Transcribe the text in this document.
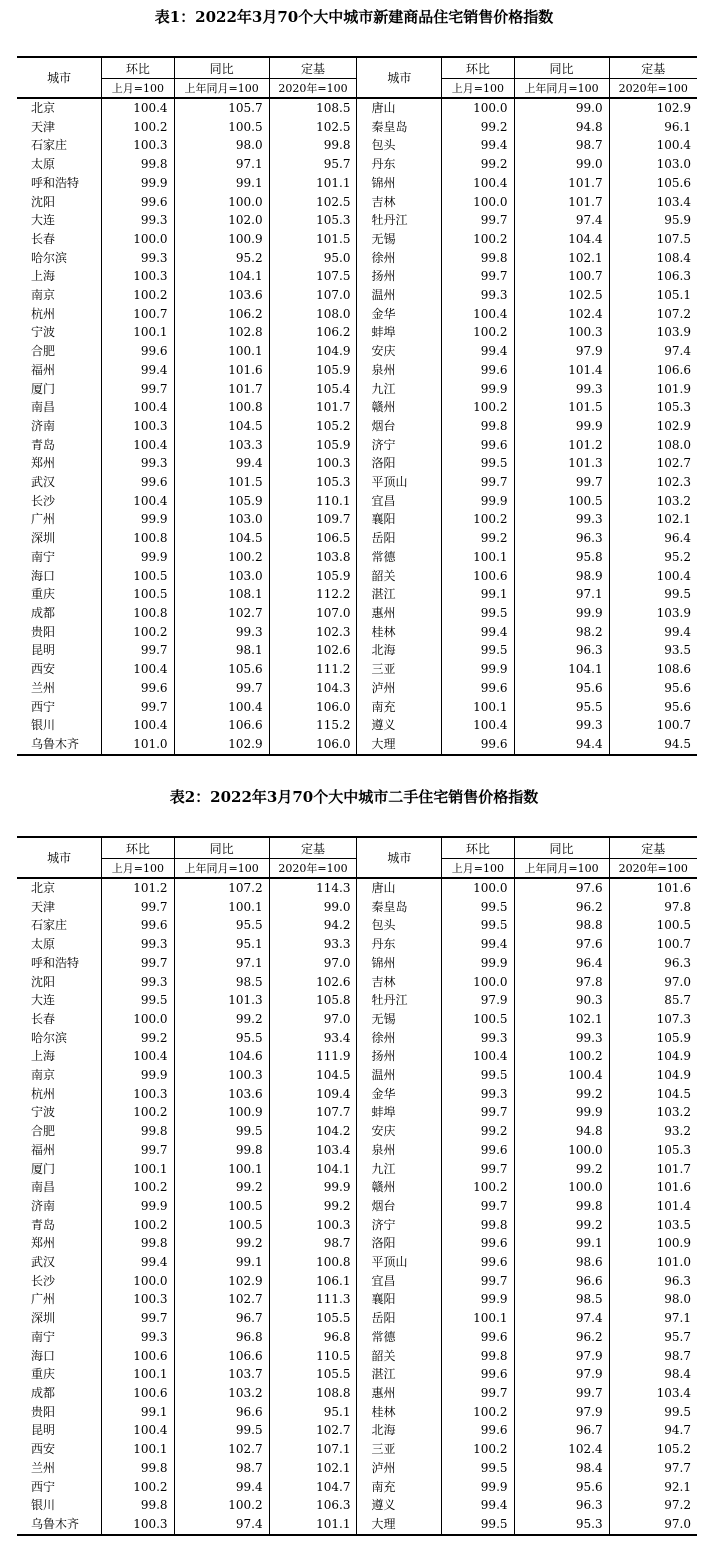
表1：2022年3月70个大中城市新建商品住宅销售价格指数
城市	环比	同比	定基	城市	环比	同比	定基
	上月=100	上年同月=100	2020年=100		上月=100	上年同月=100	2020年=100
北京	100.4	105.7	108.5	唐山	100.0	99.0	102.9
天津	100.2	100.5	102.5	秦皇岛	99.2	94.8	96.1
石家庄	100.3	98.0	99.8	包头	99.4	98.7	100.4
太原	99.8	97.1	95.7	丹东	99.2	99.0	103.0
呼和浩特	99.9	99.1	101.1	锦州	100.4	101.7	105.6
沈阳	99.6	100.0	102.5	吉林	100.0	101.7	103.4
大连	99.3	102.0	105.3	牡丹江	99.7	97.4	95.9
长春	100.0	100.9	101.5	无锡	100.2	104.4	107.5
哈尔滨	99.3	95.2	95.0	徐州	99.8	102.1	108.4
上海	100.3	104.1	107.5	扬州	99.7	100.7	106.3
南京	100.2	103.6	107.0	温州	99.3	102.5	105.1
杭州	100.7	106.2	108.0	金华	100.4	102.4	107.2
宁波	100.1	102.8	106.2	蚌埠	100.2	100.3	103.9
合肥	99.6	100.1	104.9	安庆	99.4	97.9	97.4
福州	99.4	101.6	105.9	泉州	99.6	101.4	106.6
厦门	99.7	101.7	105.4	九江	99.9	99.3	101.9
南昌	100.4	100.8	101.7	赣州	100.2	101.5	105.3
济南	100.3	104.5	105.2	烟台	99.8	99.9	102.9
青岛	100.4	103.3	105.9	济宁	99.6	101.2	108.0
郑州	99.3	99.4	100.3	洛阳	99.5	101.3	102.7
武汉	99.6	101.5	105.3	平顶山	99.7	99.7	102.3
长沙	100.4	105.9	110.1	宜昌	99.9	100.5	103.2
广州	99.9	103.0	109.7	襄阳	100.2	99.3	102.1
深圳	100.8	104.5	106.5	岳阳	99.2	96.3	96.4
南宁	99.9	100.2	103.8	常德	100.1	95.8	95.2
海口	100.5	103.0	105.9	韶关	100.6	98.9	100.4
重庆	100.5	108.1	112.2	湛江	99.1	97.1	99.5
成都	100.8	102.7	107.0	惠州	99.5	99.9	103.9
贵阳	100.2	99.3	102.3	桂林	99.4	98.2	99.4
昆明	99.7	98.1	102.6	北海	99.5	96.3	93.5
西安	100.4	105.6	111.2	三亚	99.9	104.1	108.6
兰州	99.6	99.7	104.3	泸州	99.6	95.6	95.6
西宁	99.7	100.4	106.0	南充	100.1	95.5	95.6
银川	100.4	106.6	115.2	遵义	100.4	99.3	100.7
乌鲁木齐	101.0	102.9	106.0	大理	99.6	94.4	94.5
表2：2022年3月70个大中城市二手住宅销售价格指数
城市	环比	同比	定基	城市	环比	同比	定基
	上月=100	上年同月=100	2020年=100		上月=100	上年同月=100	2020年=100
北京	101.2	107.2	114.3	唐山	100.0	97.6	101.6
天津	99.7	100.1	99.0	秦皇岛	99.5	96.2	97.8
石家庄	99.6	95.5	94.2	包头	99.5	98.8	100.5
太原	99.3	95.1	93.3	丹东	99.4	97.6	100.7
呼和浩特	99.7	97.1	97.0	锦州	99.9	96.4	96.3
沈阳	99.3	98.5	102.6	吉林	100.0	97.8	97.0
大连	99.5	101.3	105.8	牡丹江	97.9	90.3	85.7
长春	100.0	99.2	97.0	无锡	100.5	102.1	107.3
哈尔滨	99.2	95.5	93.4	徐州	99.3	99.3	105.9
上海	100.4	104.6	111.9	扬州	100.4	100.2	104.9
南京	99.9	100.3	104.5	温州	99.5	100.4	104.9
杭州	100.3	103.6	109.4	金华	99.3	99.2	104.5
宁波	100.2	100.9	107.7	蚌埠	99.7	99.9	103.2
合肥	99.8	99.5	104.2	安庆	99.2	94.8	93.2
福州	99.7	99.8	103.4	泉州	99.6	100.0	105.3
厦门	100.1	100.1	104.1	九江	99.7	99.2	101.7
南昌	100.2	99.2	99.9	赣州	100.2	100.0	101.6
济南	99.9	100.5	99.2	烟台	99.7	99.8	101.4
青岛	100.2	100.5	100.3	济宁	99.8	99.2	103.5
郑州	99.8	99.2	98.7	洛阳	99.6	99.1	100.9
武汉	99.4	99.1	100.8	平顶山	99.6	98.6	101.0
长沙	100.0	102.9	106.1	宜昌	99.7	96.6	96.3
广州	100.3	102.7	111.3	襄阳	99.9	98.5	98.0
深圳	99.7	96.7	105.5	岳阳	100.1	97.4	97.1
南宁	99.3	96.8	96.8	常德	99.6	96.2	95.7
海口	100.6	106.6	110.5	韶关	99.8	97.9	98.7
重庆	100.1	103.7	105.5	湛江	99.6	97.9	98.4
成都	100.6	103.2	108.8	惠州	99.7	99.7	103.4
贵阳	99.1	96.6	95.1	桂林	100.2	97.9	99.5
昆明	100.4	99.5	102.7	北海	99.6	96.7	94.7
西安	100.1	102.7	107.1	三亚	100.2	102.4	105.2
兰州	99.8	98.7	102.1	泸州	99.5	98.4	97.7
西宁	100.2	99.4	104.7	南充	99.9	95.6	92.1
银川	99.8	100.2	106.3	遵义	99.4	96.3	97.2
乌鲁木齐	100.3	97.4	101.1	大理	99.5	95.3	97.0
